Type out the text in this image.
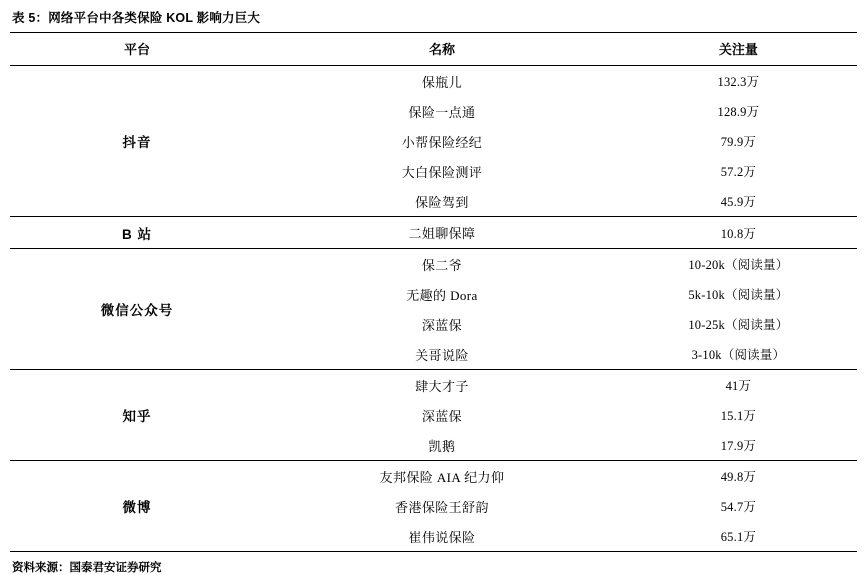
表 5：网络平台中各类保险 KOL 影响力巨大
平台	名称	关注量
抖音	保瓶儿	132.3万
	保险一点通	128.9万
	小帮保险经纪	79.9万
	大白保险测评	57.2万
	保险驾到	45.9万
B 站	二姐聊保障	10.8万
微信公众号	保二爷	10-20k（阅读量）
	无趣的 Dora	5k-10k（阅读量）
	深蓝保	10-25k（阅读量）
	关哥说险	3-10k（阅读量）
知乎	肆大才子	41万
	深蓝保	15.1万
	凯鹅	17.9万
微博	友邦保险 AIA 纪力仰	49.8万
	香港保险王舒韵	54.7万
	崔伟说保险	65.1万
资料来源：国泰君安证券研究
